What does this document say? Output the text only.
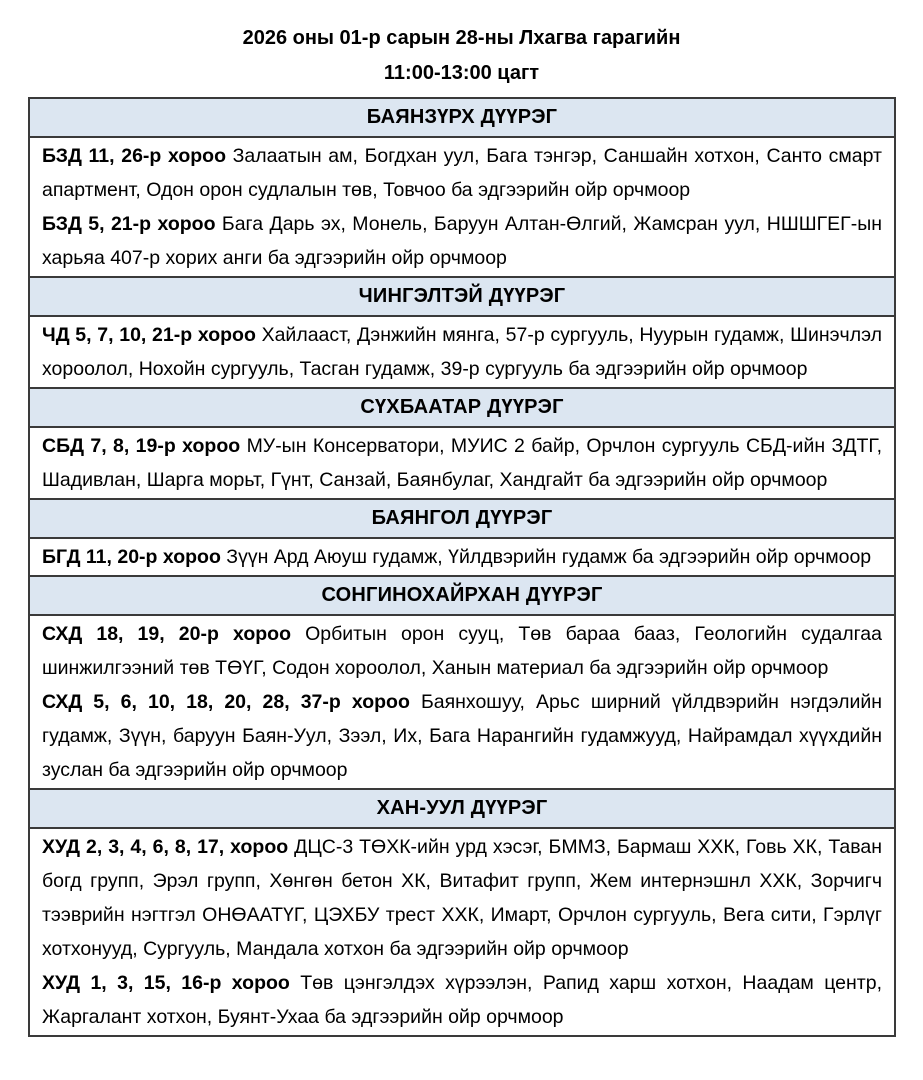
2026 оны 01-р сарын 28-ны Лхагва гарагийн
11:00-13:00 цагт
БАЯНЗҮРХ ДҮҮРЭГ

БЗД 11, 26-р хороо Залаатын ам, Богдхан уул, Бага тэнгэр, Саншайн хотхон, Санто смарт апартмент, Одон орон судлалын төв, Товчоо ба эдгээрийн ойр орчмоор

БЗД 5, 21-р хороо Бага Дарь эх, Монель, Баруун Алтан-Өлгий, Жамсран уул, НШШГЕГ-ын харьяа 407-р хорих анги ба эдгээрийн ойр орчмоор

ЧИНГЭЛТЭЙ ДҮҮРЭГ

ЧД 5, 7, 10, 21-р хороо Хайлааст, Дэнжийн мянга, 57-р сургууль, Нуурын гудамж, Шинэчлэл хороолол, Нохойн сургууль, Тасган гудамж, 39-р сургууль ба эдгээрийн ойр орчмоор

СҮХБААТАР ДҮҮРЭГ

СБД 7, 8, 19-р хороо МУ-ын Консерватори, МУИС 2 байр, Орчлон сургууль СБД-ийн ЗДТГ, Шадивлан, Шарга морьт, Гүнт, Санзай, Баянбулаг, Хандгайт ба эдгээрийн ойр орчмоор

БАЯНГОЛ ДҮҮРЭГ

БГД 11, 20-р хороо Зүүн Ард Аюуш гудамж, Үйлдвэрийн гудамж ба эдгээрийн ойр орчмоор

СОНГИНОХАЙРХАН ДҮҮРЭГ

СХД 18, 19, 20-р хороо Орбитын орон сууц, Төв бараа бааз, Геологийн судалгаа шинжилгээний төв ТӨҮГ, Содон хороолол, Ханын материал ба эдгээрийн ойр орчмоор

СХД 5, 6, 10, 18, 20, 28, 37-р хороо Баянхошуу, Арьс ширний үйлдвэрийн нэгдэлийн гудамж, Зүүн, баруун Баян-Уул, Зээл, Их, Бага Нарангийн гудамжууд, Найрамдал хүүхдийн зуслан ба эдгээрийн ойр орчмоор

ХАН-УУЛ ДҮҮРЭГ

ХУД 2, 3, 4, 6, 8, 17, хороо ДЦС-3 ТӨХК-ийн урд хэсэг, БММЗ, Бармаш ХХК, Говь ХК, Таван богд групп, Эрэл групп, Хөнгөн бетон ХК, Витафит групп, Жем интернэшнл ХХК, Зорчигч тээврийн нэгтгэл ОНӨААТҮГ, ЦЭХБУ трест ХХК, Имарт, Орчлон сургууль, Вега сити, Гэрлүг хотхонууд, Сургууль, Мандала хотхон ба эдгээрийн ойр орчмоор

ХУД 1, 3, 15, 16-р хороо Төв цэнгэлдэх хүрээлэн, Рапид харш хотхон, Наадам центр, Жаргалант хотхон, Буянт-Ухаа ба эдгээрийн ойр орчмоор
